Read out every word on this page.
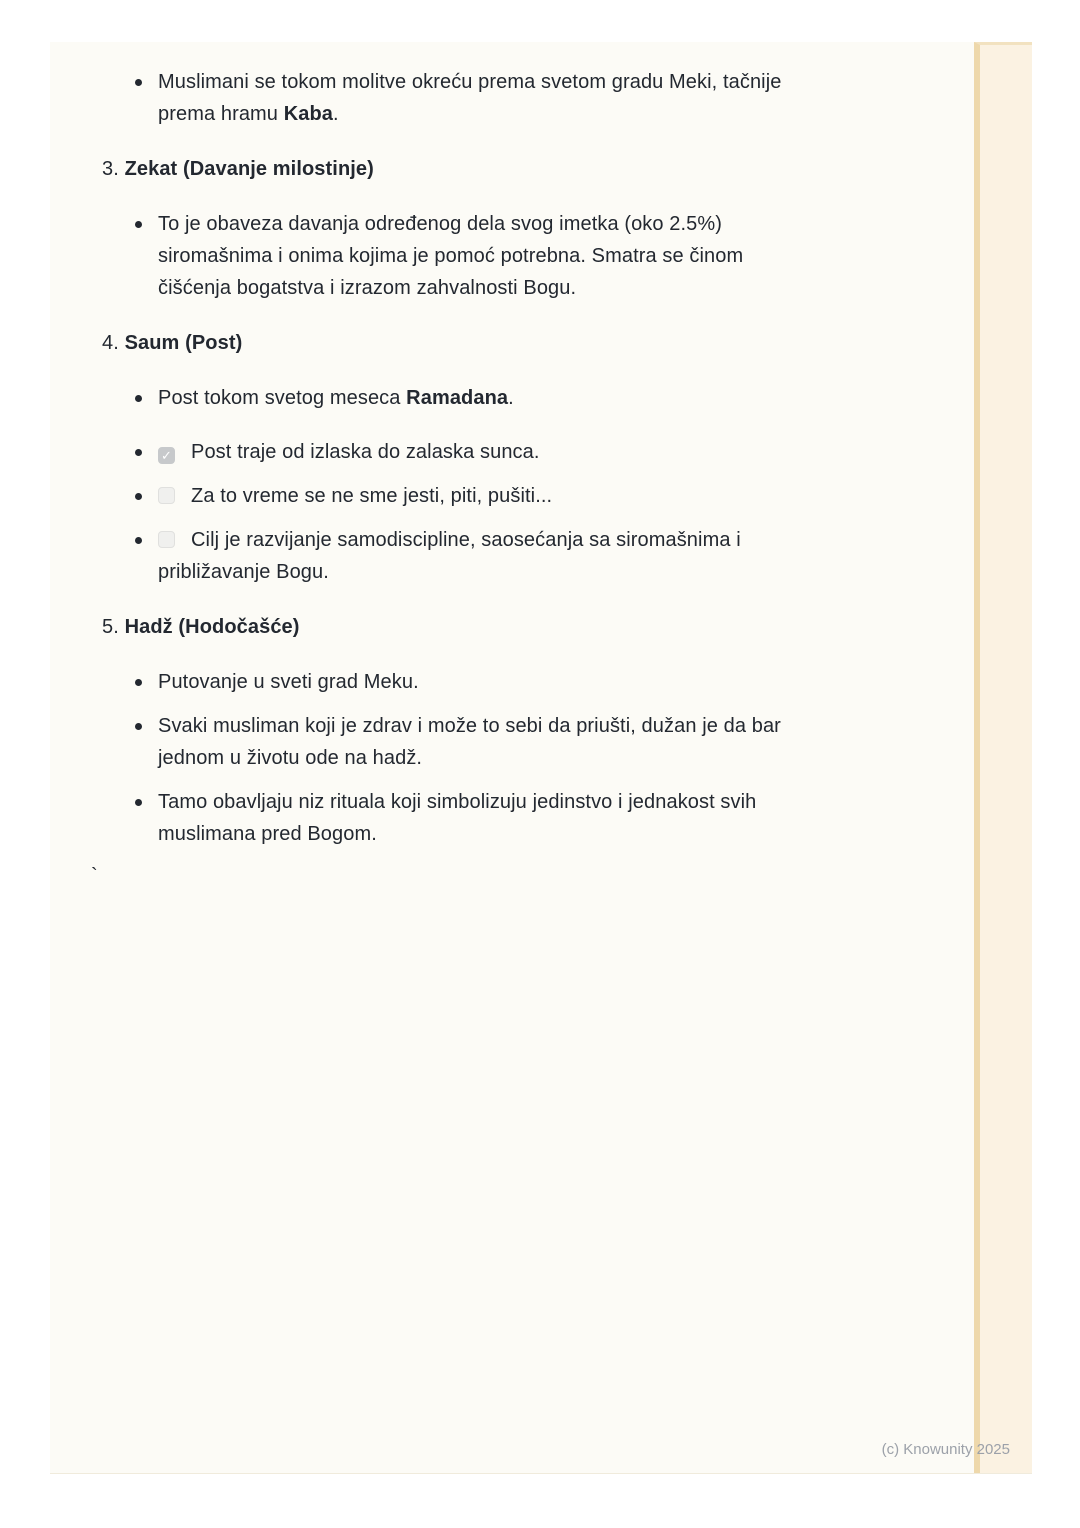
Muslimani se tokom molitve okreću prema svetom gradu Meki, tačnije prema hramu Kaba.
3. Zekat (Davanje milostinje)
To je obaveza davanja određenog dela svog imetka (oko 2.5%) siromašnima i onima kojima je pomoć potrebna. Smatra se činom čišćenja bogatstva i izrazom zahvalnosti Bogu.
4. Saum (Post)
Post tokom svetog meseca Ramadana.
✓ Post traje od izlaska do zalaska sunca.
Za to vreme se ne sme jesti, piti, pušiti...
Cilj je razvijanje samodiscipline, saosećanja sa siromašnima i približavanje Bogu.
5. Hadž (Hodočašće)
Putovanje u sveti grad Meku.
Svaki musliman koji je zdrav i može to sebi da priušti, dužan je da bar jednom u životu ode na hadž.
Tamo obavljaju niz rituala koji simbolizuju jedinstvo i jednakost svih muslimana pred Bogom.
`
(c) Knowunity 2025
